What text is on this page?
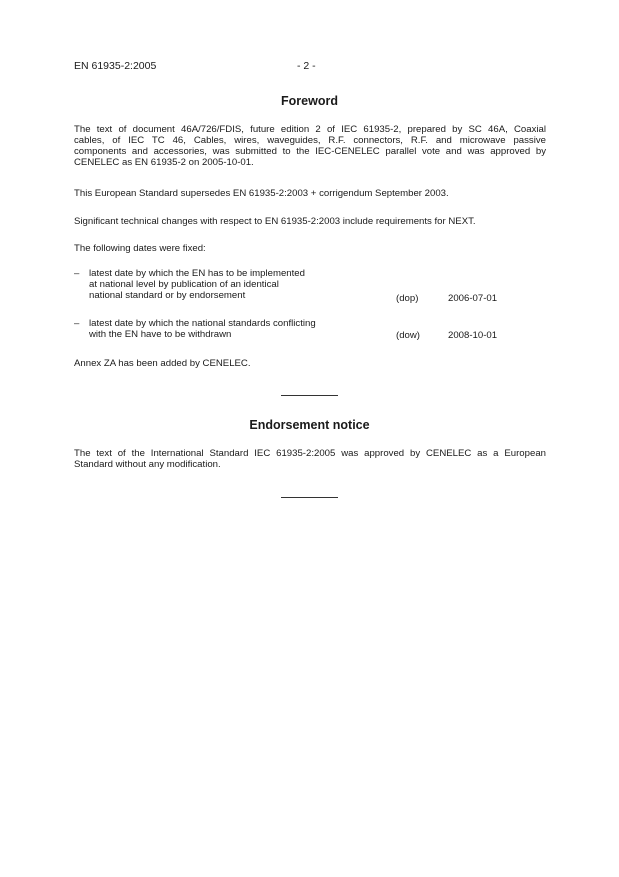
EN 61935-2:2005	- 2 -
Foreword
The text of document 46A/726/FDIS, future edition 2 of IEC 61935-2, prepared by SC 46A, Coaxial
cables, of IEC TC 46, Cables, wires, waveguides, R.F. connectors, R.F. and microwave passive
components and accessories, was submitted to the IEC-CENELEC parallel vote and was approved by
CENELEC as EN 61935-2 on 2005-10-01.
This European Standard supersedes EN 61935-2:2003 + corrigendum September 2003.
Significant technical changes with respect to EN 61935-2:2003 include requirements for NEXT.
The following dates were fixed:
– latest date by which the EN has to be implemented
at national level by publication of an identical
national standard or by endorsement	(dop)	2006-07-01
– latest date by which the national standards conflicting
with the EN have to be withdrawn	(dow)	2008-10-01
Annex ZA has been added by CENELEC.
Endorsement notice
The text of the International Standard IEC 61935-2:2005 was approved by CENELEC as a European
Standard without any modification.
